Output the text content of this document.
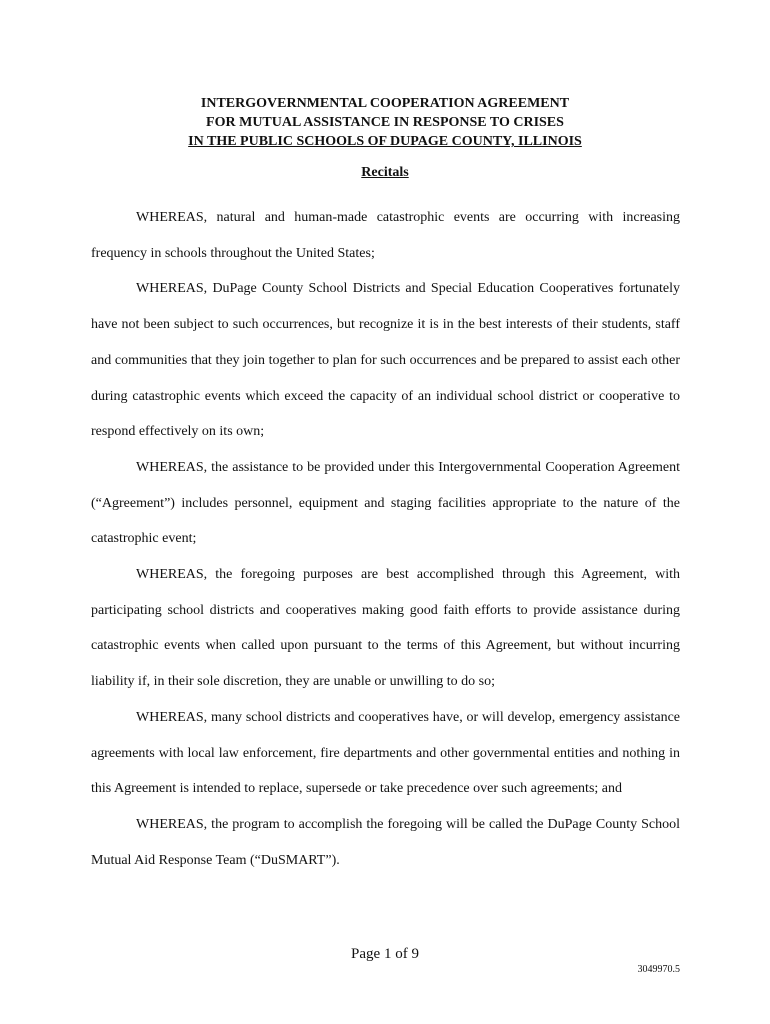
INTERGOVERNMENTAL COOPERATION AGREEMENT
FOR MUTUAL ASSISTANCE IN RESPONSE TO CRISES
IN THE PUBLIC SCHOOLS OF DUPAGE COUNTY, ILLINOIS
Recitals

WHEREAS, natural and human-made catastrophic events are occurring with increasing frequency in schools throughout the United States;

WHEREAS, DuPage County School Districts and Special Education Cooperatives fortunately have not been subject to such occurrences, but recognize it is in the best interests of their students, staff and communities that they join together to plan for such occurrences and be prepared to assist each other during catastrophic events which exceed the capacity of an individual school district or cooperative to respond effectively on its own;

WHEREAS, the assistance to be provided under this Intergovernmental Cooperation Agreement (“Agreement”) includes personnel, equipment and staging facilities appropriate to the nature of the catastrophic event;

WHEREAS, the foregoing purposes are best accomplished through this Agreement, with participating school districts and cooperatives making good faith efforts to provide assistance during catastrophic events when called upon pursuant to the terms of this Agreement, but without incurring liability if, in their sole discretion, they are unable or unwilling to do so;

WHEREAS, many school districts and cooperatives have, or will develop, emergency assistance agreements with local law enforcement, fire departments and other governmental entities and nothing in this Agreement is intended to replace, supersede or take precedence over such agreements; and

WHEREAS, the program to accomplish the foregoing will be called the DuPage County School Mutual Aid Response Team (“DuSMART”).

Page 1 of 9
3049970.5
